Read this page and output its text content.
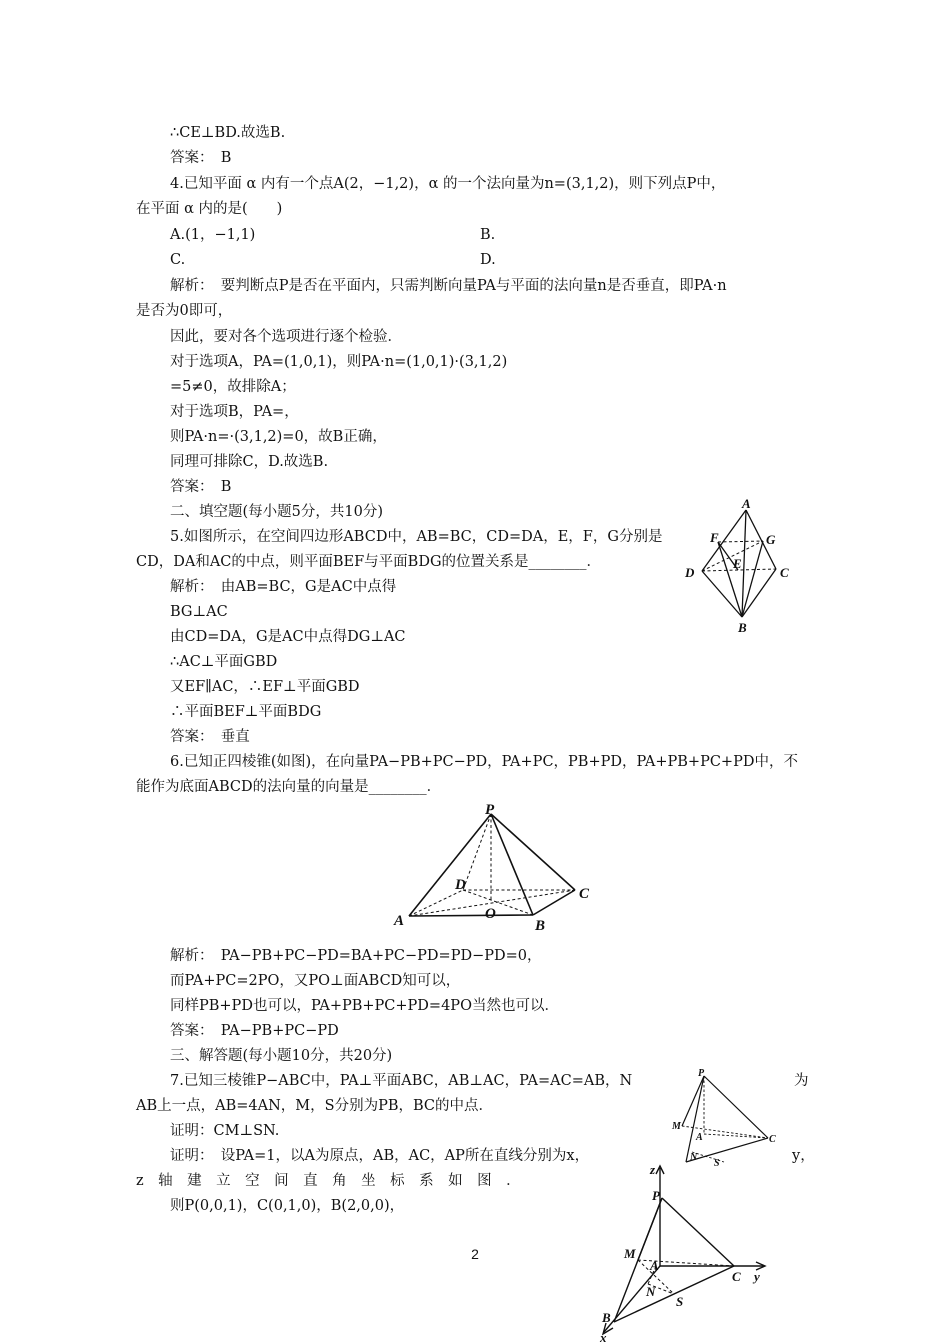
∴CE⊥BD.故选B.
答案：　B
4.已知平面 α 内有一个点A(2，−1,2)，α 的一个法向量为n=(3,1,2)，则下列点P中，
在平面 α 内的是(　　)
A.(1，−1,1)	B.
C.	D.
解析：　要判断点P是否在平面内，只需判断向量PA与平面的法向量n是否垂直，即PA·n
是否为0即可，
因此，要对各个选项进行逐个检验．
对于选项A，PA=(1,0,1)，则PA·n=(1,0,1)·(3,1,2)
=5≠0，故排除A；
对于选项B，PA=，
则PA·n=·(3,1,2)=0，故B正确，
同理可排除C，D.故选B.
答案：　B
二、填空题(每小题5分，共10分)
5.如图所示，在空间四边形ABCD中，AB=BC，CD=DA，E，F，G分别是
CD，DA和AC的中点，则平面BEF与平面BDG的位置关系是________．
解析：　由AB=BC，G是AC中点得
BG⊥AC
由CD=DA，G是AC中点得DG⊥AC
∴AC⊥平面GBD
又EF∥AC，∴EF⊥平面GBD
∴平面BEF⊥平面BDG
答案：　垂直
6.已知正四棱锥(如图)，在向量PA−PB+PC−PD，PA+PC，PB+PD，PA+PB+PC+PD中，不
能作为底面ABCD的法向量的向量是________．
A
F	G
E
D	C
B
P
D
C
O
A	B
解析：　PA−PB+PC−PD=BA+PC−PD=PD−PD=0，
而PA+PC=2PO，又PO⊥面ABCD知可以，
同样PB+PD也可以，PA+PB+PC+PD=4PO当然也可以．
答案：　PA−PB+PC−PD
三、解答题(每小题10分，共20分)
7.已知三棱锥P−ABC中，PA⊥平面ABC，AB⊥AC，PA=AC=AB，N	为
AB上一点，AB=4AN，M，S分别为PB，BC的中点．
证明：CM⊥SN.
证明：　设PA=1，以A为原点，AB，AC，AP所在直线分别为x，	y，
z　轴　建　立　空　间　直　角　坐　标　系　如　图　．
则P(0,0,1)，C(0,1,0)，B(2,0,0)，
P
M
A	C
N
S
z
P
M
A
C y
N
S
B
x
2
